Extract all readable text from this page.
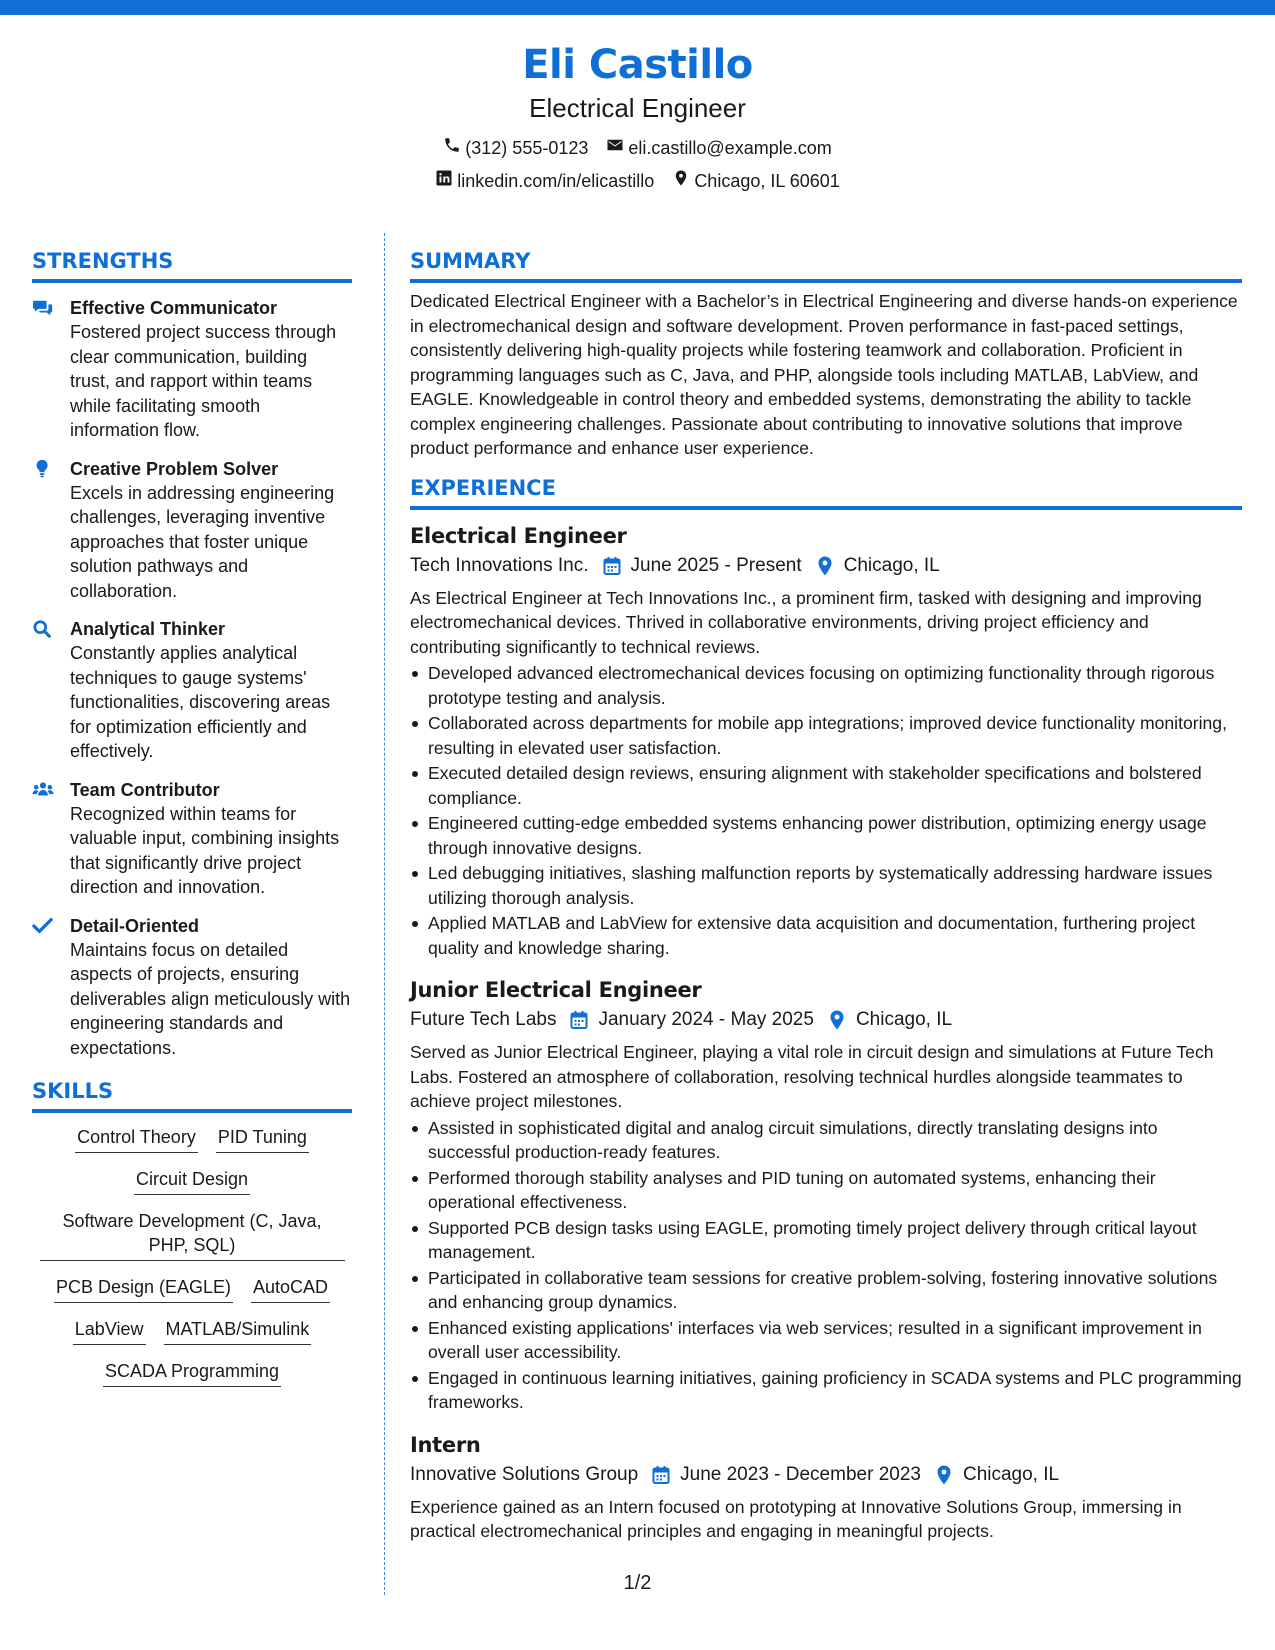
Eli Castillo
Electrical Engineer
(312) 555-0123 eli.castillo@example.com
linkedin.com/in/elicastillo Chicago, IL 60601
STRENGTHS
Effective Communicator
Fostered project success through clear communication, building trust, and rapport within teams while facilitating smooth information flow.
Creative Problem Solver
Excels in addressing engineering challenges, leveraging inventive approaches that foster unique solution pathways and collaboration.
Analytical Thinker
Constantly applies analytical techniques to gauge systems' functionalities, discovering areas for optimization efficiently and effectively.
Team Contributor
Recognized within teams for valuable input, combining insights that significantly drive project direction and innovation.
Detail-Oriented
Maintains focus on detailed aspects of projects, ensuring deliverables align meticulously with engineering standards and expectations.
SKILLS
Control Theory PID Tuning
Circuit Design
Software Development (C, Java, PHP, SQL)
PCB Design (EAGLE) AutoCAD
LabView MATLAB/Simulink
SCADA Programming
SUMMARY

Dedicated Electrical Engineer with a Bachelor’s in Electrical Engineering and diverse hands-on experience in electromechanical design and software development. Proven performance in fast-paced settings, consistently delivering high-quality projects while fostering teamwork and collaboration. Proficient in programming languages such as C, Java, and PHP, alongside tools including MATLAB, LabView, and EAGLE. Knowledgeable in control theory and embedded systems, demonstrating the ability to tackle complex engineering challenges. Passionate about contributing to innovative solutions that improve product performance and enhance user experience.

EXPERIENCE
Electrical Engineer
Tech Innovations Inc. June 2025 - Present Chicago, IL

As Electrical Engineer at Tech Innovations Inc., a prominent firm, tasked with designing and improving electromechanical devices. Thrived in collaborative environments, driving project efficiency and contributing significantly to technical reviews.

Developed advanced electromechanical devices focusing on optimizing functionality through rigorous prototype testing and analysis.
Collaborated across departments for mobile app integrations; improved device functionality monitoring, resulting in elevated user satisfaction.
Executed detailed design reviews, ensuring alignment with stakeholder specifications and bolstered compliance.
Engineered cutting-edge embedded systems enhancing power distribution, optimizing energy usage through innovative designs.
Led debugging initiatives, slashing malfunction reports by systematically addressing hardware issues utilizing thorough analysis.
Applied MATLAB and LabView for extensive data acquisition and documentation, furthering project quality and knowledge sharing.
Junior Electrical Engineer
Future Tech Labs January 2024 - May 2025 Chicago, IL

Served as Junior Electrical Engineer, playing a vital role in circuit design and simulations at Future Tech Labs. Fostered an atmosphere of collaboration, resolving technical hurdles alongside teammates to achieve project milestones.

Assisted in sophisticated digital and analog circuit simulations, directly translating designs into successful production-ready features.
Performed thorough stability analyses and PID tuning on automated systems, enhancing their operational effectiveness.
Supported PCB design tasks using EAGLE, promoting timely project delivery through critical layout management.
Participated in collaborative team sessions for creative problem-solving, fostering innovative solutions and enhancing group dynamics.
Enhanced existing applications' interfaces via web services; resulted in a significant improvement in overall user accessibility.
Engaged in continuous learning initiatives, gaining proficiency in SCADA systems and PLC programming frameworks.
Intern
Innovative Solutions Group June 2023 - December 2023 Chicago, IL

Experience gained as an Intern focused on prototyping at Innovative Solutions Group, immersing in practical electromechanical principles and engaging in meaningful projects.

1/2
